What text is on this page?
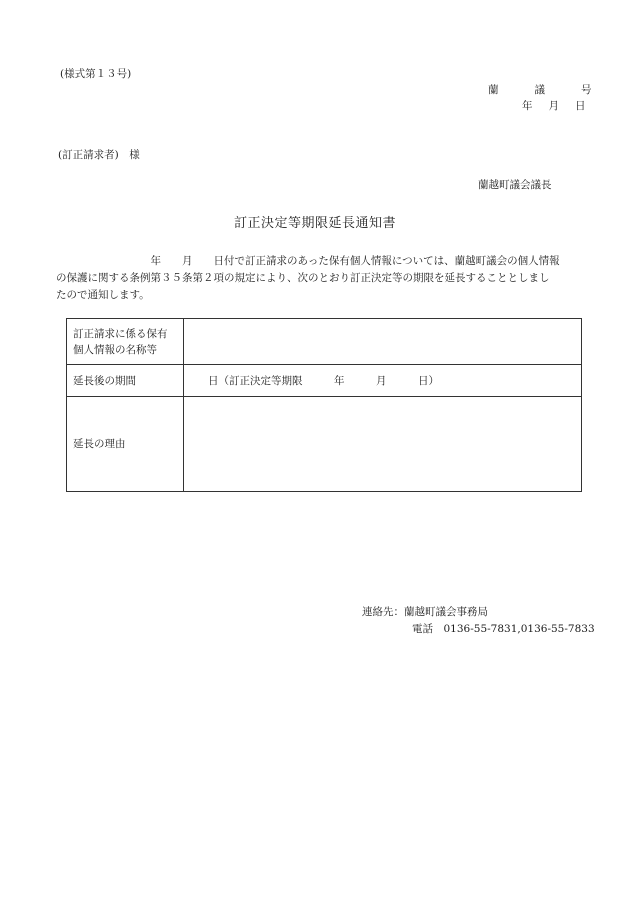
(様式第１３号)
蘭	議	号
年 月 日
(訂正請求者)　様
蘭越町議会議長
訂正決定等期限延長通知書
　　　　　　　　　年　　月　　日付で訂正請求のあった保有個人情報については、蘭越町議会の個人情報
の保護に関する条例第３５条第２項の規定により、次のとおり訂正決定等の期限を延長することとしまし
たので通知します。
訂正請求に係る保有
個人情報の名称等	
延長後の期間	日（訂正決定等期限　　　年　　　月　　　日）
延長の理由	
連絡先：蘭越町議会事務局
電話　0136-55-7831,0136-55-7833
